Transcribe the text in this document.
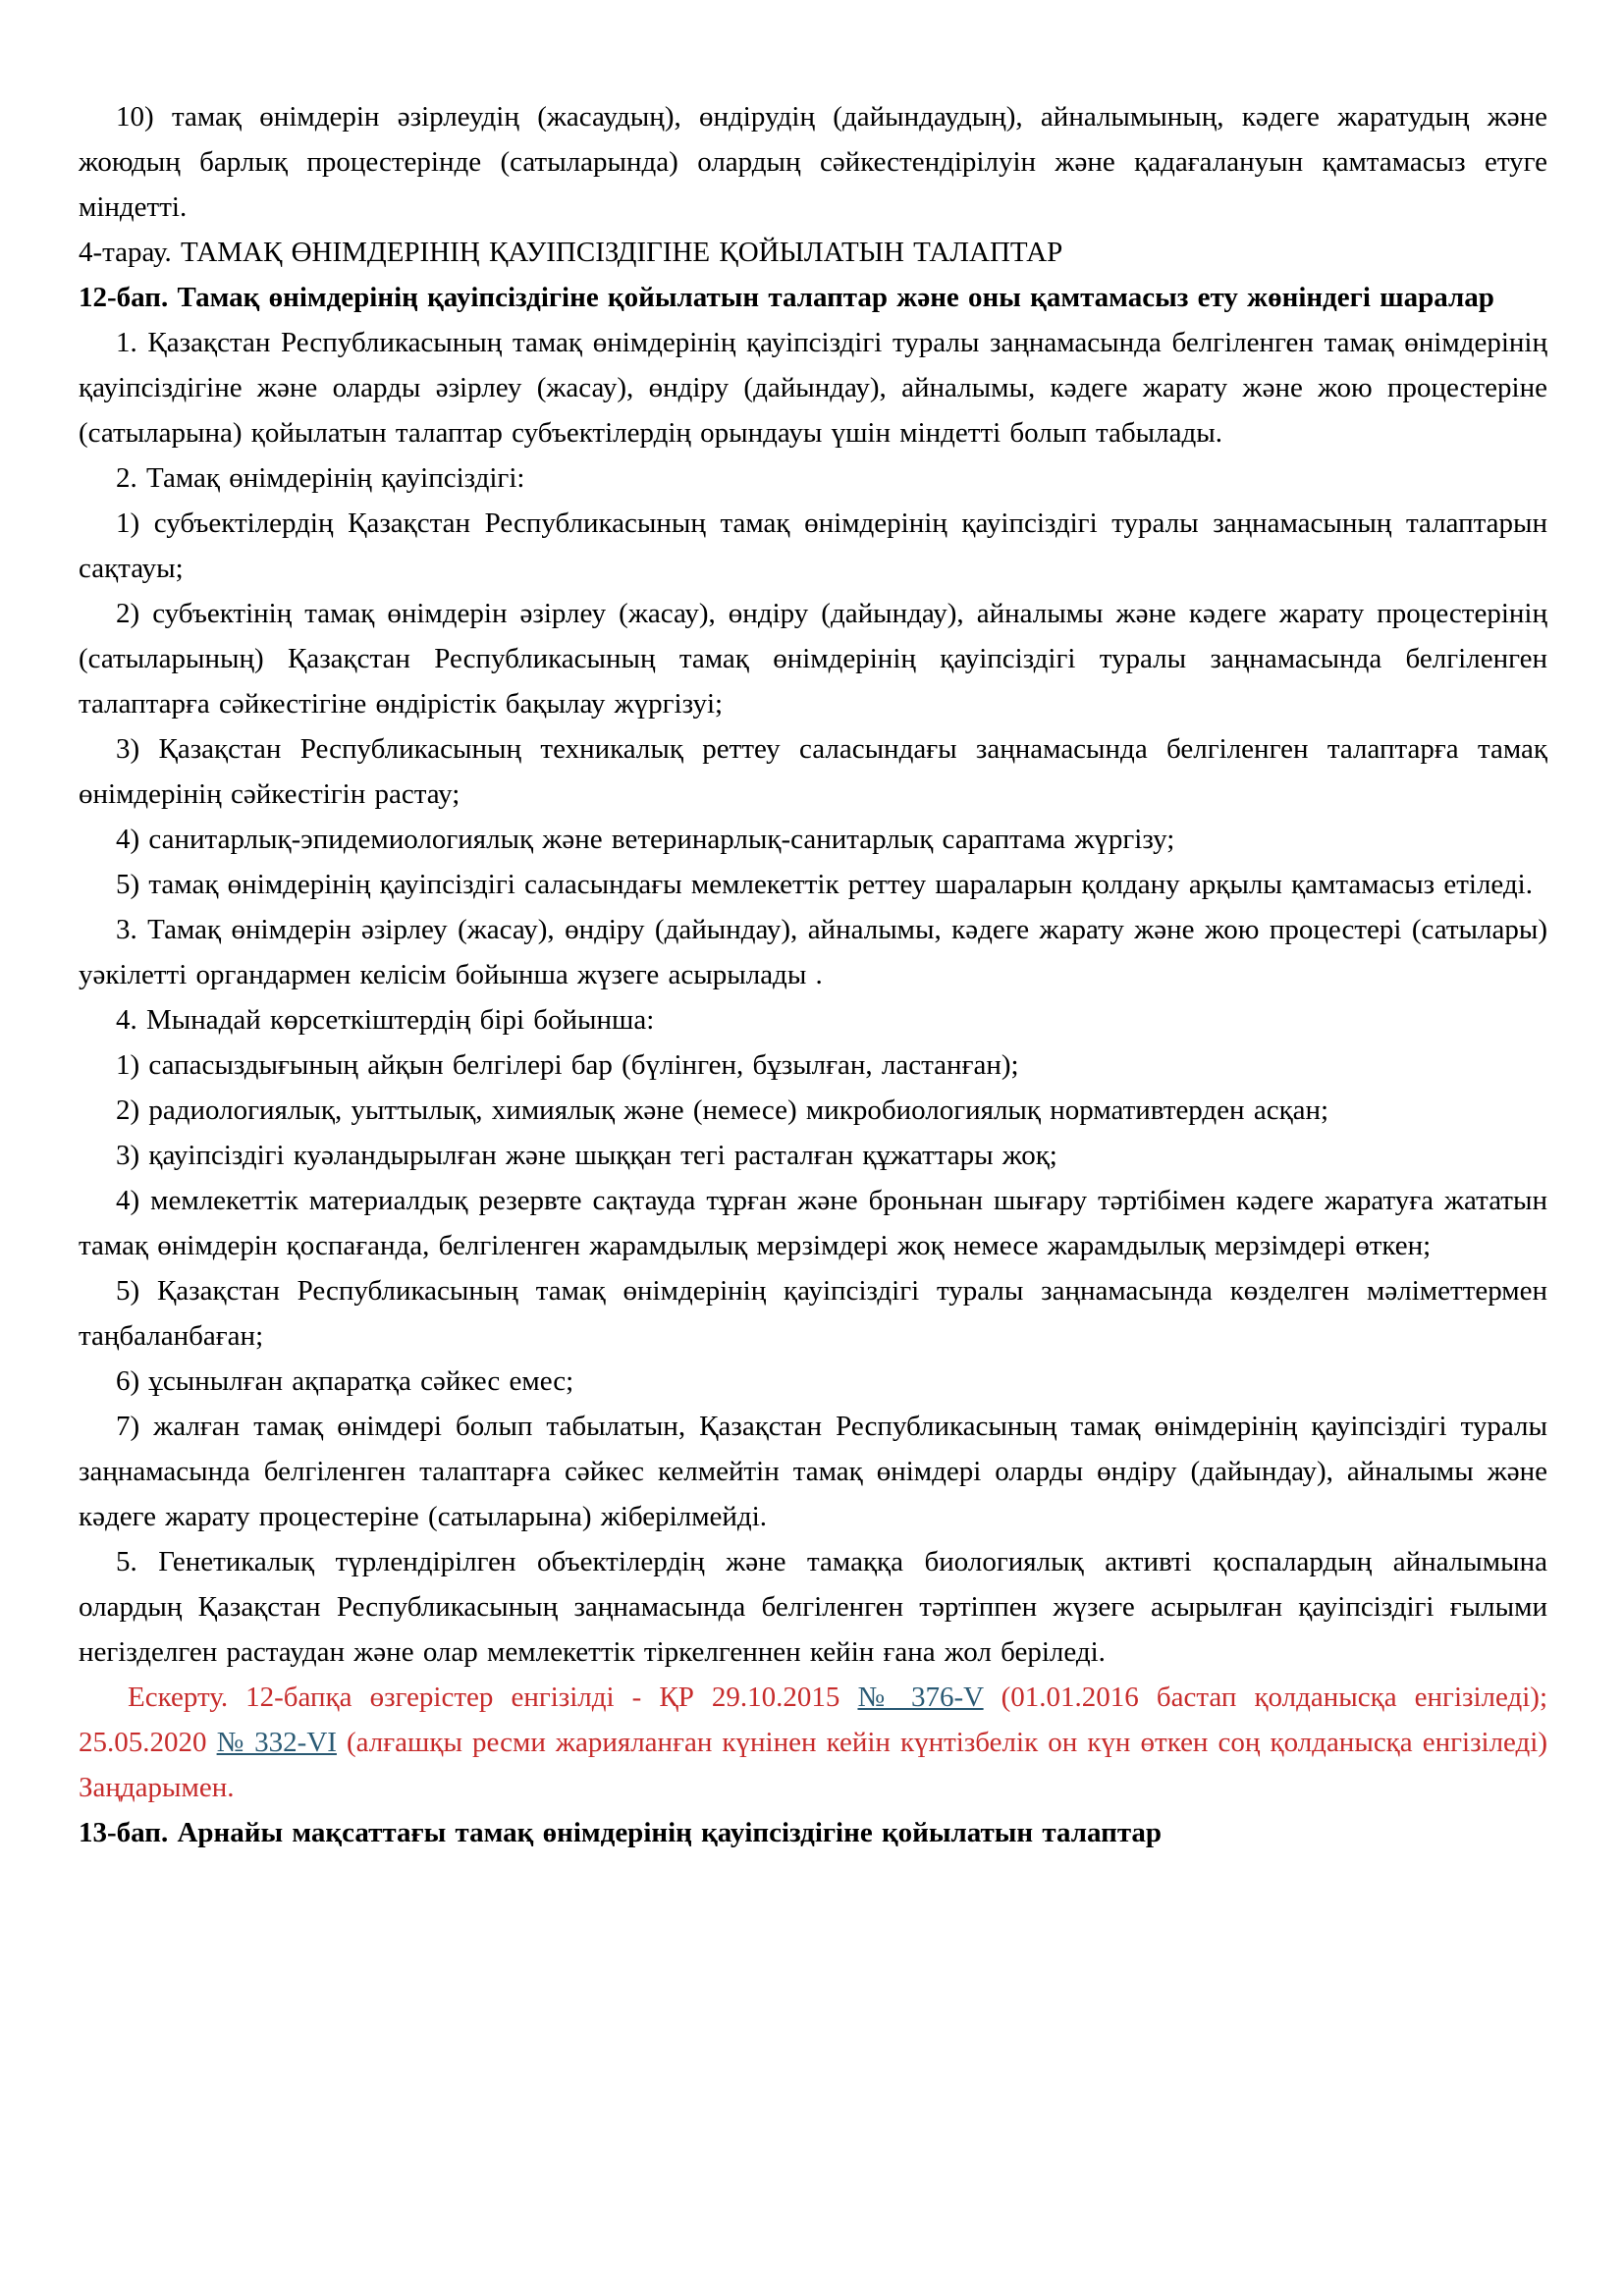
10) тамақ өнімдерін әзірлеудің (жасаудың), өндірудің (дайындаудың), айналымының, кәдеге жаратудың және жоюдың барлық процестерінде (сатыларында) олардың сәйкестендірілуін және қадағалануын қамтамасыз етуге міндетті.

4-тарау. ТАМАҚ ӨНІМДЕРІНІҢ ҚАУІПСІЗДІГІНЕ ҚОЙЫЛАТЫН ТАЛАПТАР

12-бап. Тамақ өнімдерінің қауіпсіздігіне қойылатын талаптар және оны қамтамасыз ету жөніндегі шаралар

1. Қазақстан Республикасының тамақ өнімдерінің қауіпсіздігі туралы заңнамасында белгіленген тамақ өнімдерінің қауіпсіздігіне және оларды әзірлеу (жасау), өндіру (дайындау), айналымы, кәдеге жарату және жою процестеріне (сатыларына) қойылатын талаптар субъектілердің орындауы үшін міндетті болып табылады.

2. Тамақ өнімдерінің қауіпсіздігі:

1) субъектілердің Қазақстан Республикасының тамақ өнімдерінің қауіпсіздігі туралы заңнамасының талаптарын сақтауы;

2) субъектінің тамақ өнімдерін әзірлеу (жасау), өндіру (дайындау), айналымы және кәдеге жарату процестерінің (сатыларының) Қазақстан Республикасының тамақ өнімдерінің қауіпсіздігі туралы заңнамасында белгіленген талаптарға сәйкестігіне өндірістік бақылау жүргізуі;

3) Қазақстан Республикасының техникалық реттеу саласындағы заңнамасында белгіленген талаптарға тамақ өнімдерінің сәйкестігін растау;

4) санитарлық-эпидемиологиялық және ветеринарлық-санитарлық сараптама жүргізу;

5) тамақ өнімдерінің қауіпсіздігі саласындағы мемлекеттік реттеу шараларын қолдану арқылы қамтамасыз етіледі.

3. Тамақ өнімдерін әзірлеу (жасау), өндіру (дайындау), айналымы, кәдеге жарату және жою процестері (сатылары) уәкілетті органдармен келісім бойынша жүзеге асырылады .

4. Мынадай көрсеткіштердің бірі бойынша:

1) сапасыздығының айқын белгілері бар (бүлінген, бұзылған, ластанған);

2) радиологиялық, уыттылық, химиялық және (немесе) микробиологиялық нормативтерден асқан;

3) қауіпсіздігі куәландырылған және шыққан тегі расталған құжаттары жоқ;

4) мемлекеттік материалдық резервте сақтауда тұрған және броньнан шығару тәртібімен кәдеге жаратуға жататын тамақ өнімдерін қоспағанда, белгіленген жарамдылық мерзімдері жоқ немесе жарамдылық мерзімдері өткен;

5) Қазақстан Республикасының тамақ өнімдерінің қауіпсіздігі туралы заңнамасында көзделген мәліметтермен таңбаланбаған;

6) ұсынылған ақпаратқа сәйкес емес;

7) жалған тамақ өнімдері болып табылатын, Қазақстан Республикасының тамақ өнімдерінің қауіпсіздігі туралы заңнамасында белгіленген талаптарға сәйкес келмейтін тамақ өнімдері оларды өндіру (дайындау), айналымы және кәдеге жарату процестеріне (сатыларына) жіберілмейді.

5. Генетикалық түрлендірілген объектілердің және тамаққа биологиялық активті қоспалардың айналымына олардың Қазақстан Республикасының заңнамасында белгіленген тәртіппен жүзеге асырылған қауіпсіздігі ғылыми негізделген растаудан және олар мемлекеттік тіркелгеннен кейін ғана жол беріледі.

Ескерту. 12-бапқа өзгерістер енгізілді - ҚР 29.10.2015 № 376-V (01.01.2016 бастап қолданысқа енгізіледі); 25.05.2020 № 332-VI (алғашқы ресми жарияланған күнінен кейін күнтізбелік он күн өткен соң қолданысқа енгізіледі) Заңдарымен.

13-бап. Арнайы мақсаттағы тамақ өнімдерінің қауіпсіздігіне қойылатын талаптар
